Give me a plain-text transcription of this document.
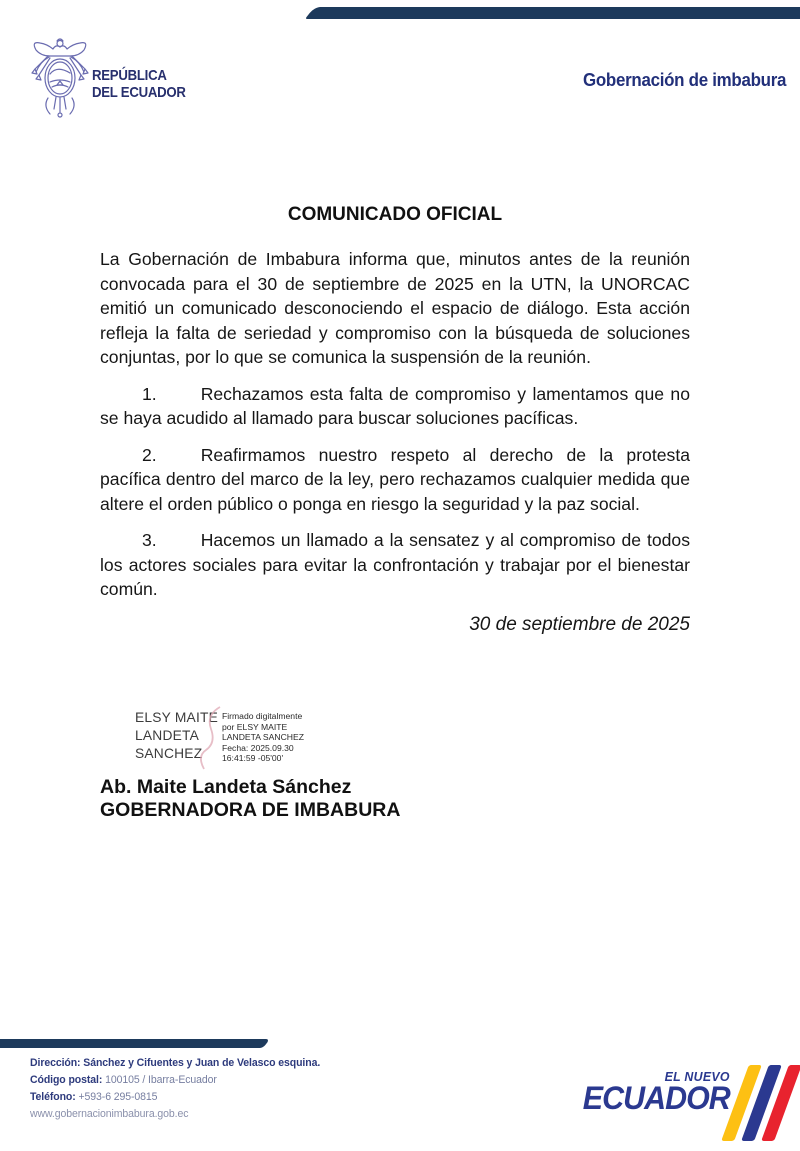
REPÚBLICA
DEL ECUADOR
Gobernación de imbabura
COMUNICADO OFICIAL

La Gobernación de Imbabura informa que, minutos antes de la reunión convocada para el 30 de septiembre de 2025 en la UTN, la UNORCAC emitió un comunicado desconociendo el espacio de diálogo. Esta acción refleja la falta de seriedad y compromiso con la búsqueda de soluciones conjuntas, por lo que se comunica la suspensión de la reunión.

1.	Rechazamos esta falta de compromiso y lamentamos que no se haya acudido al llamado para buscar soluciones pacíficas.

2.	Reafirmamos nuestro respeto al derecho de la protesta pacífica dentro del marco de la ley, pero rechazamos cualquier medida que altere el orden público o ponga en riesgo la seguridad y la paz social.

3.	Hacemos un llamado a la sensatez y al compromiso de todos los actores sociales para evitar la confrontación y trabajar por el bienestar común.

30 de septiembre de 2025

ELSY MAITE
LANDETA
SANCHEZ
Firmado digitalmente
por ELSY MAITE
LANDETA SANCHEZ
Fecha: 2025.09.30
16:41:59 -05'00'
Ab. Maite Landeta Sánchez
GOBERNADORA DE IMBABURA
Dirección: Sánchez y Cifuentes y Juan de Velasco esquina.
Código postal: 100105 / Ibarra-Ecuador
Teléfono: +593-6 295-0815
www.gobernacionimbabura.gob.ec
EL NUEVO
ECUADOR
